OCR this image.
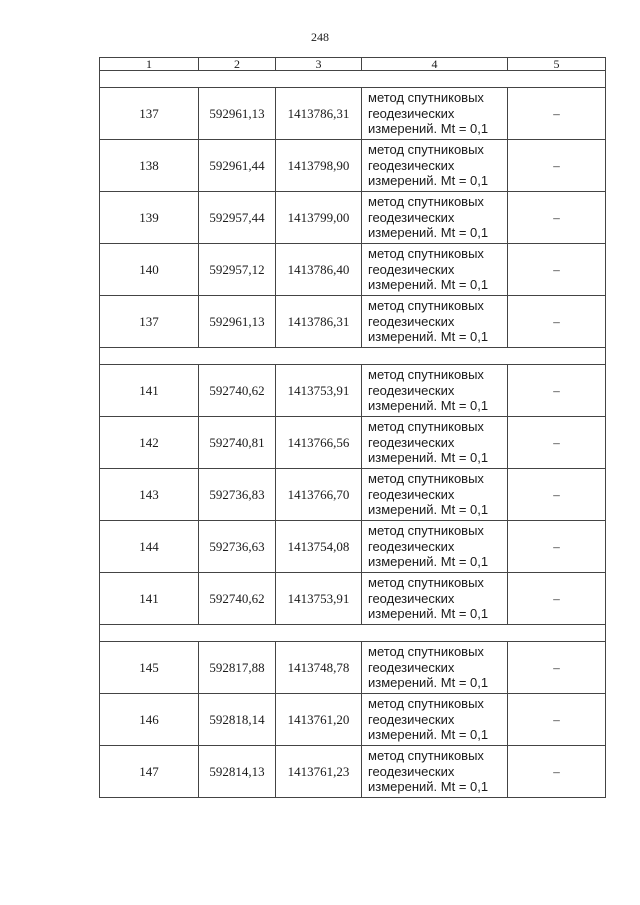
248
1	2	3	4	5

137	592961,13	1413786,31	метод спутниковых
геодезических
измерений. Mt = 0,1	–
138	592961,44	1413798,90	метод спутниковых
геодезических
измерений. Mt = 0,1	–
139	592957,44	1413799,00	метод спутниковых
геодезических
измерений. Mt = 0,1	–
140	592957,12	1413786,40	метод спутниковых
геодезических
измерений. Mt = 0,1	–
137	592961,13	1413786,31	метод спутниковых
геодезических
измерений. Mt = 0,1	–

141	592740,62	1413753,91	метод спутниковых
геодезических
измерений. Mt = 0,1	–
142	592740,81	1413766,56	метод спутниковых
геодезических
измерений. Mt = 0,1	–
143	592736,83	1413766,70	метод спутниковых
геодезических
измерений. Mt = 0,1	–
144	592736,63	1413754,08	метод спутниковых
геодезических
измерений. Mt = 0,1	–
141	592740,62	1413753,91	метод спутниковых
геодезических
измерений. Mt = 0,1	–

145	592817,88	1413748,78	метод спутниковых
геодезических
измерений. Mt = 0,1	–
146	592818,14	1413761,20	метод спутниковых
геодезических
измерений. Mt = 0,1	–
147	592814,13	1413761,23	метод спутниковых
геодезических
измерений. Mt = 0,1	–
